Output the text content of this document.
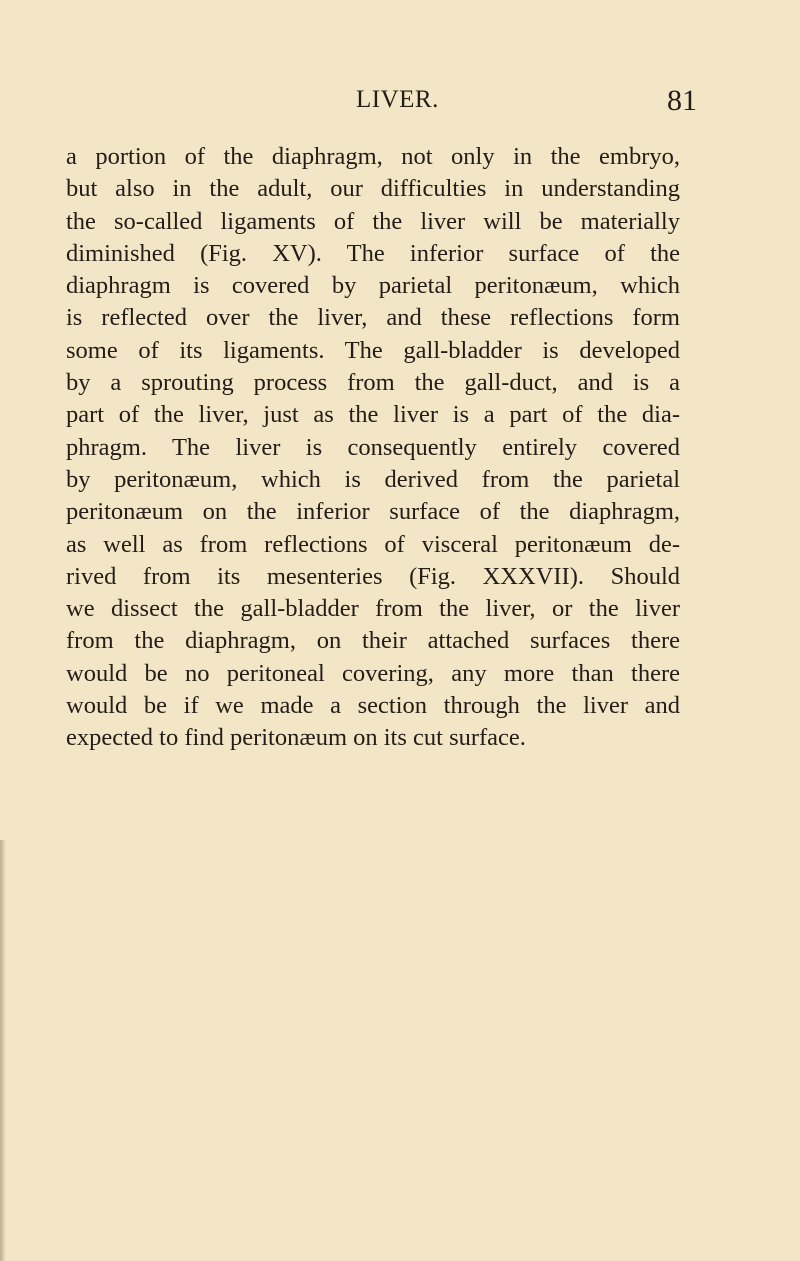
LIVER.	81
a portion of the diaphragm, not only in the embryo,
but also in the adult, our difficulties in understanding
the so-called ligaments of the liver will be materially
diminished (Fig. XV). The inferior surface of the
diaphragm is covered by parietal peritonæum, which
is reflected over the liver, and these reflections form
some of its ligaments. The gall-bladder is developed
by a sprouting process from the gall-duct, and is a
part of the liver, just as the liver is a part of the dia-
phragm. The liver is consequently entirely covered
by peritonæum, which is derived from the parietal
peritonæum on the inferior surface of the diaphragm,
as well as from reflections of visceral peritonæum de-
rived from its mesenteries (Fig. XXXVII). Should
we dissect the gall-bladder from the liver, or the liver
from the diaphragm, on their attached surfaces there
would be no peritoneal covering, any more than there
would be if we made a section through the liver and
expected to find peritonæum on its cut surface.
